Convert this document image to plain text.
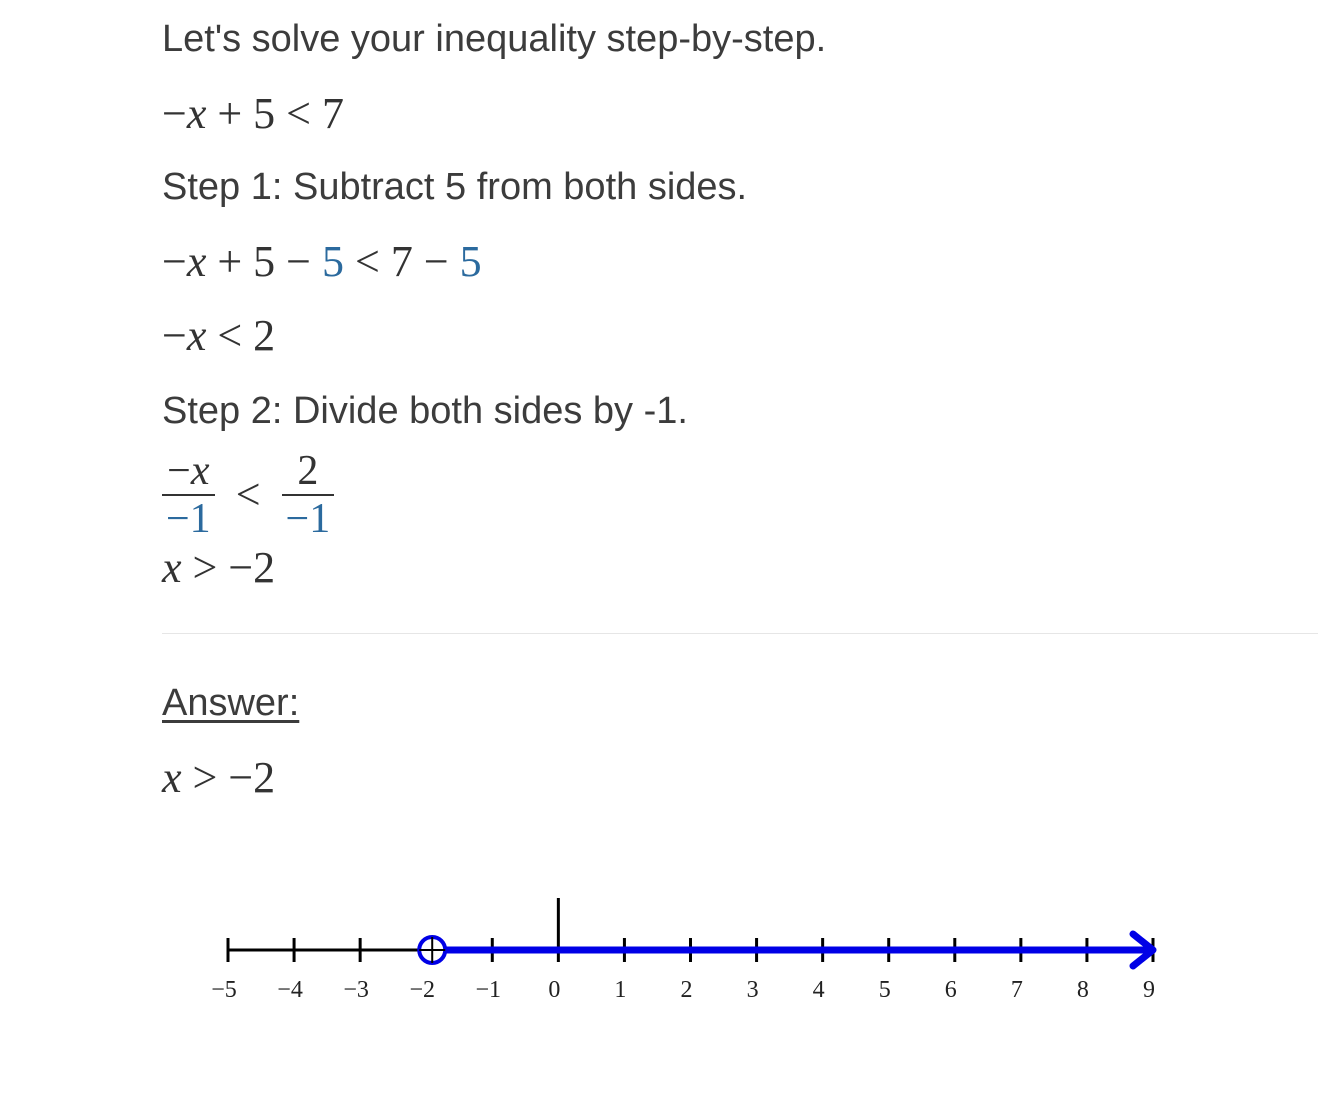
Let's solve your inequality step-by-step.
−x + 5 < 7
Step 1: Subtract 5 from both sides.
−x + 5 − 5 < 7 − 5
−x < 2
Step 2: Divide both sides by -1.
$\frac{-x}{-1} < \frac{2}{-1}$
x > −2
Answer:
x > −2
−5 −4 −3 −2 −1 0 1 2 3 4 5 6 7 8 9
